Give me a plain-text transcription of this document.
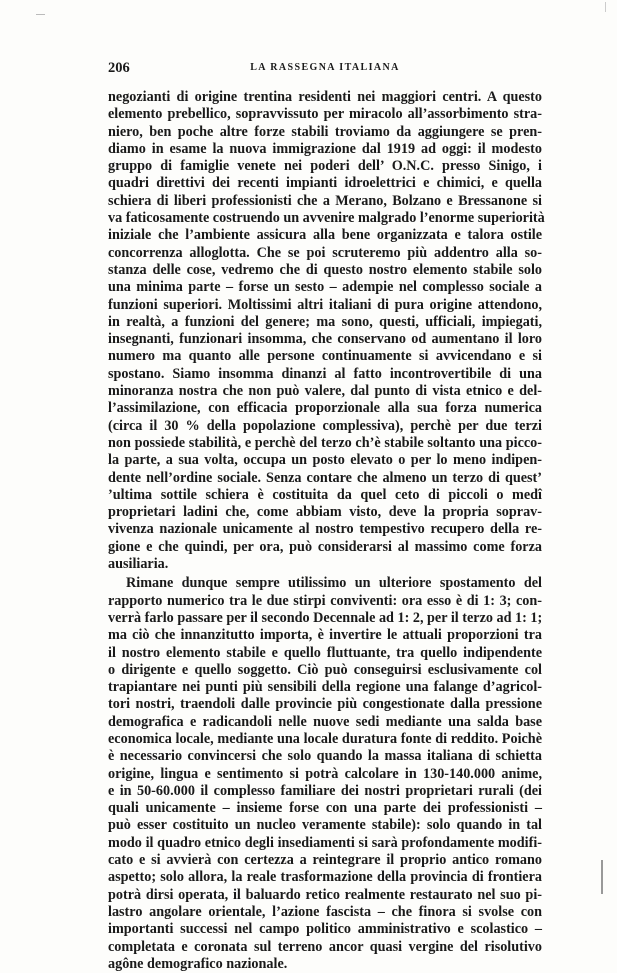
206	LA RASSEGNA ITALIANA
negozianti di origine trentina residenti nei maggiori centri. A questo
elemento prebellico, sopravvissuto per miracolo all’assorbimento stra-
niero, ben poche altre forze stabili troviamo da aggiungere se pren-
diamo in esame la nuova immigrazione dal 1919 ad oggi: il modesto
gruppo di famiglie venete nei poderi dell’ O.N.C. presso Sinigo, i
quadri direttivi dei recenti impianti idroelettrici e chimici, e quella
schiera di liberi professionisti che a Merano, Bolzano e Bressanone si
va faticosamente costruendo un avvenire malgrado l’enorme superiorità
iniziale che l’ambiente assicura alla bene organizzata e talora ostile
concorrenza alloglotta. Che se poi scruteremo più addentro alla so-
stanza delle cose, vedremo che di questo nostro elemento stabile solo
una minima parte – forse un sesto – adempie nel complesso sociale a
funzioni superiori. Moltissimi altri italiani di pura origine attendono,
in realtà, a funzioni del genere; ma sono, questi, ufficiali, impiegati,
insegnanti, funzionari insomma, che conservano od aumentano il loro
numero ma quanto alle persone continuamente si avvicendano e si
spostano. Siamo insomma dinanzi al fatto incontrovertibile di una
minoranza nostra che non può valere, dal punto di vista etnico e del-
l’assimilazione, con efficacia proporzionale alla sua forza numerica
(circa il 30 % della popolazione complessiva), perchè per due terzi
non possiede stabilità, e perchè del terzo ch’è stabile soltanto una picco-
la parte, a sua volta, occupa un posto elevato o per lo meno indipen-
dente nell’ordine sociale. Senza contare che almeno un terzo di quest’
’ultima sottile schiera è costituita da quel ceto di piccoli o medî
proprietari ladini che, come abbiam visto, deve la propria soprav-
vivenza nazionale unicamente al nostro tempestivo recupero della re-
gione e che quindi, per ora, può considerarsi al massimo come forza
ausiliaria.
Rimane dunque sempre utilissimo un ulteriore spostamento del
rapporto numerico tra le due stirpi conviventi: ora esso è di 1: 3; con-
verrà farlo passare per il secondo Decennale ad 1: 2, per il terzo ad 1: 1;
ma ciò che innanzitutto importa, è invertire le attuali proporzioni tra
il nostro elemento stabile e quello fluttuante, tra quello indipendente
o dirigente e quello soggetto. Ciò può conseguirsi esclusivamente col
trapiantare nei punti più sensibili della regione una falange d’agricol-
tori nostri, traendoli dalle provincie più congestionate dalla pressione
demografica e radicandoli nelle nuove sedi mediante una salda base
economica locale, mediante una locale duratura fonte di reddito. Poichè
è necessario convincersi che solo quando la massa italiana di schietta
origine, lingua e sentimento si potrà calcolare in 130-140.000 anime,
e in 50-60.000 il complesso familiare dei nostri proprietari rurali (dei
quali unicamente – insieme forse con una parte dei professionisti –
può esser costituito un nucleo veramente stabile): solo quando in tal
modo il quadro etnico degli insediamenti si sarà profondamente modifi-
cato e si avvierà con certezza a reintegrare il proprio antico romano
aspetto; solo allora, la reale trasformazione della provincia di frontiera
potrà dirsi operata, il baluardo retico realmente restaurato nel suo pi-
lastro angolare orientale, l’azione fascista – che finora si svolse con
importanti successi nel campo politico amministrativo e scolastico –
completata e coronata sul terreno ancor quasi vergine del risolutivo
agône demografico nazionale.
